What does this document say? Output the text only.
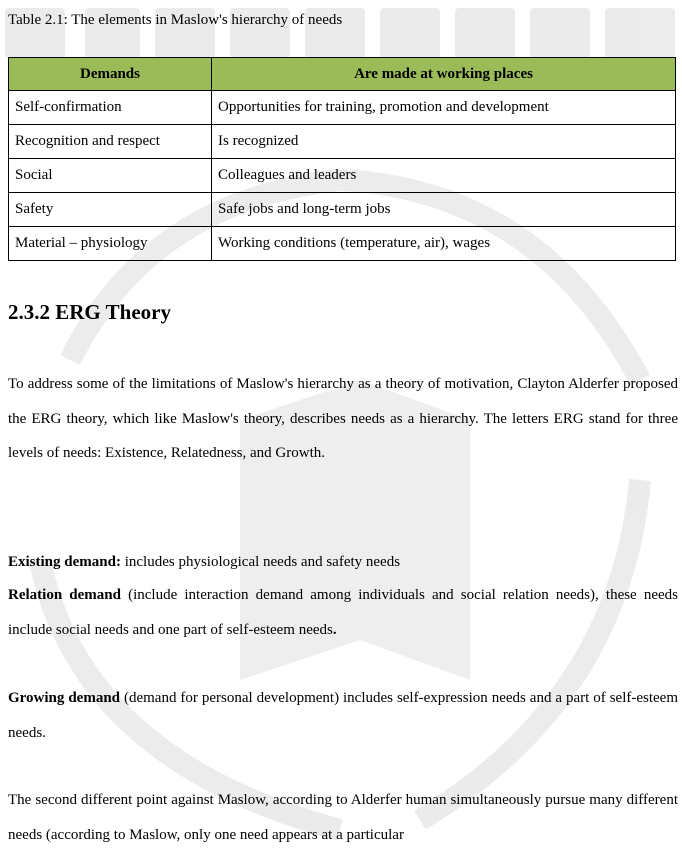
Table 2.1: The elements in Maslow's hierarchy of needs
Demands	Are made at working places
Self-confirmation	Opportunities for training, promotion and development
Recognition and respect	Is recognized
Social	Colleagues and leaders
Safety	Safe jobs and long-term jobs
Material – physiology	Working conditions (temperature, air), wages
2.3.2 ERG Theory

To address some of the limitations of Maslow's hierarchy as a theory of motivation, Clayton Alderfer proposed the ERG theory, which like Maslow's theory, describes needs as a hierarchy. The letters ERG stand for three levels of needs: Existence, Relatedness, and Growth.

Existing demand: includes physiological needs and safety needs

Relation demand (include interaction demand among individuals and social relation needs), these needs include social needs and one part of self-esteem needs.

Growing demand (demand for personal development) includes self-expression needs and a part of self-esteem needs.

The second different point against Maslow, according to Alderfer human simultaneously pursue many different needs (according to Maslow, only one need appears at a particular
